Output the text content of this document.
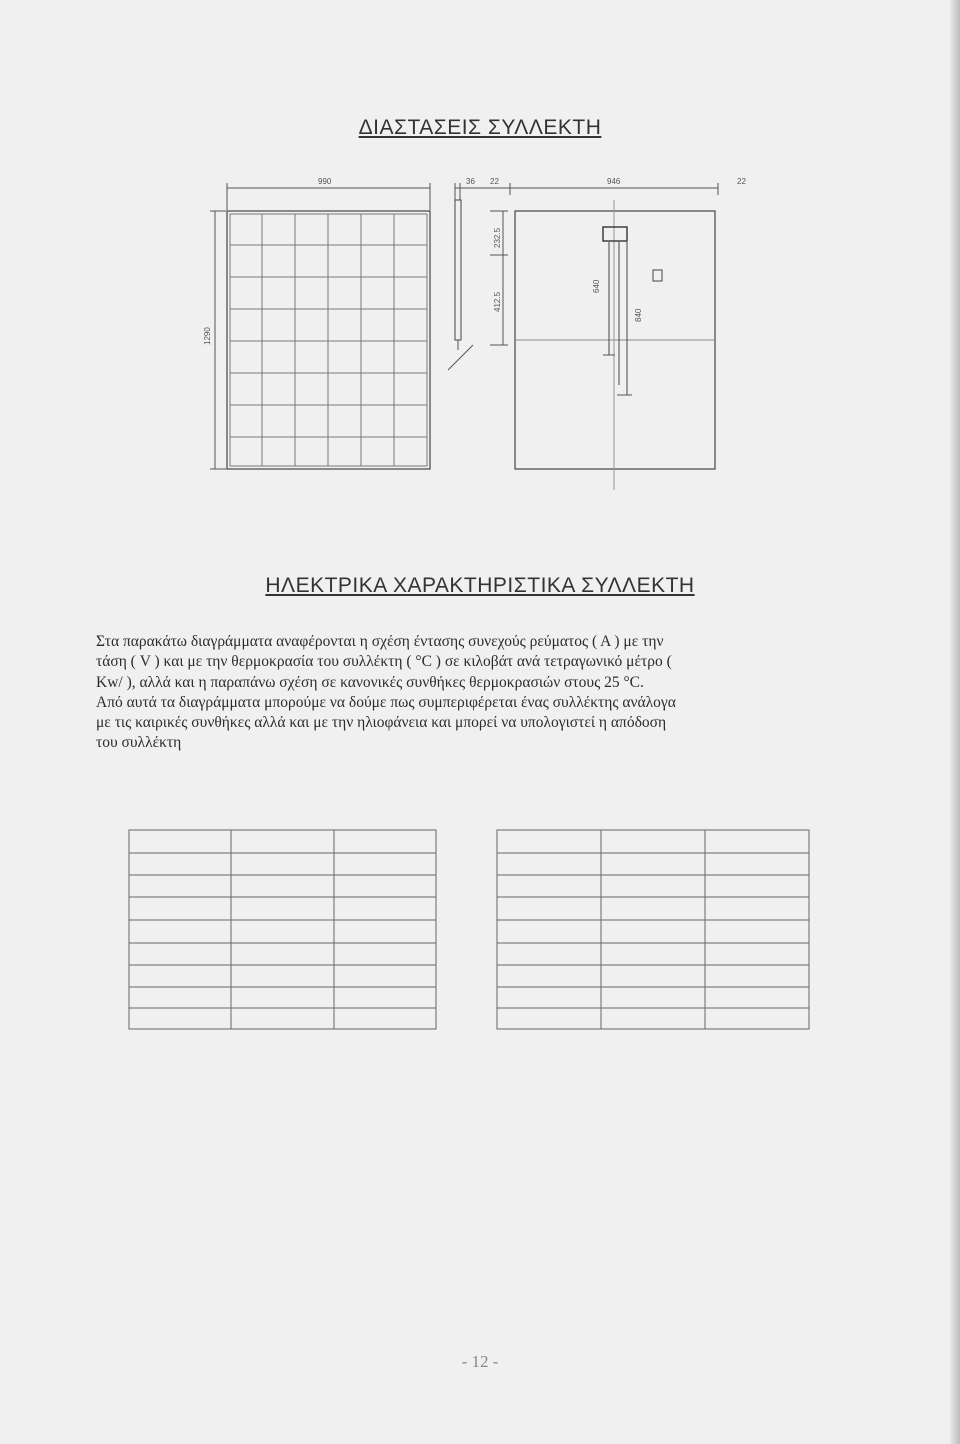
ΔΙΑΣΤΑΣΕΙΣ ΣΥΛΛΕΚΤΗ
990
1290
36 22	946	22
232.5
412.5
640
840
ΗΛΕΚΤΡΙΚΑ ΧΑΡΑΚΤΗΡΙΣΤΙΚΑ ΣΥΛΛΕΚΤΗ
Στα παρακάτω διαγράμματα αναφέρονται η σχέση έντασης συνεχούς ρεύματος ( Α ) με την
τάση ( V ) και με την θερμοκρασία του συλλέκτη ( °C ) σε κιλοβάτ ανά τετραγωνικό μέτρο (
Kw/ ), αλλά και η παραπάνω σχέση σε κανονικές συνθήκες θερμοκρασιών στους 25 °C.
Από αυτά τα διαγράμματα μπορούμε να δούμε πως συμπεριφέρεται ένας συλλέκτης ανάλογα
με τις καιρικές συνθήκες αλλά και με την ηλιοφάνεια και μπορεί να υπολογιστεί η απόδοση
του συλλέκτη
- 12 -
